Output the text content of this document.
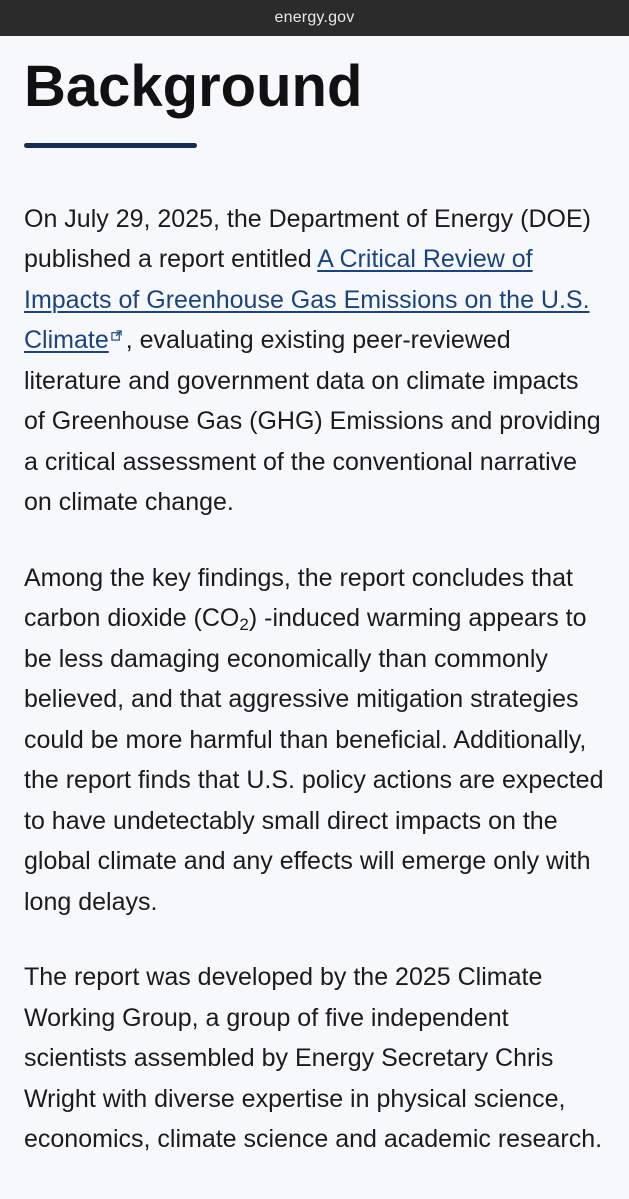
energy.gov
Background

On July 29, 2025, the Department of Energy (DOE) published a report entitled A Critical Review of Impacts of Greenhouse Gas Emissions on the U.S. Climate , evaluating existing peer-reviewed literature and government data on climate impacts of Greenhouse Gas (GHG) Emissions and providing a critical assessment of the conventional narrative on climate change.

Among the key findings, the report concludes that carbon dioxide $(CO_2)$ -induced warming appears to be less damaging economically than commonly believed, and that aggressive mitigation strategies could be more harmful than beneficial. Additionally, the report finds that U.S. policy actions are expected to have undetectably small direct impacts on the global climate and any effects will emerge only with long delays.

The report was developed by the 2025 Climate Working Group, a group of five independent scientists assembled by Energy Secretary Chris Wright with diverse expertise in physical science, economics, climate science and academic research.
